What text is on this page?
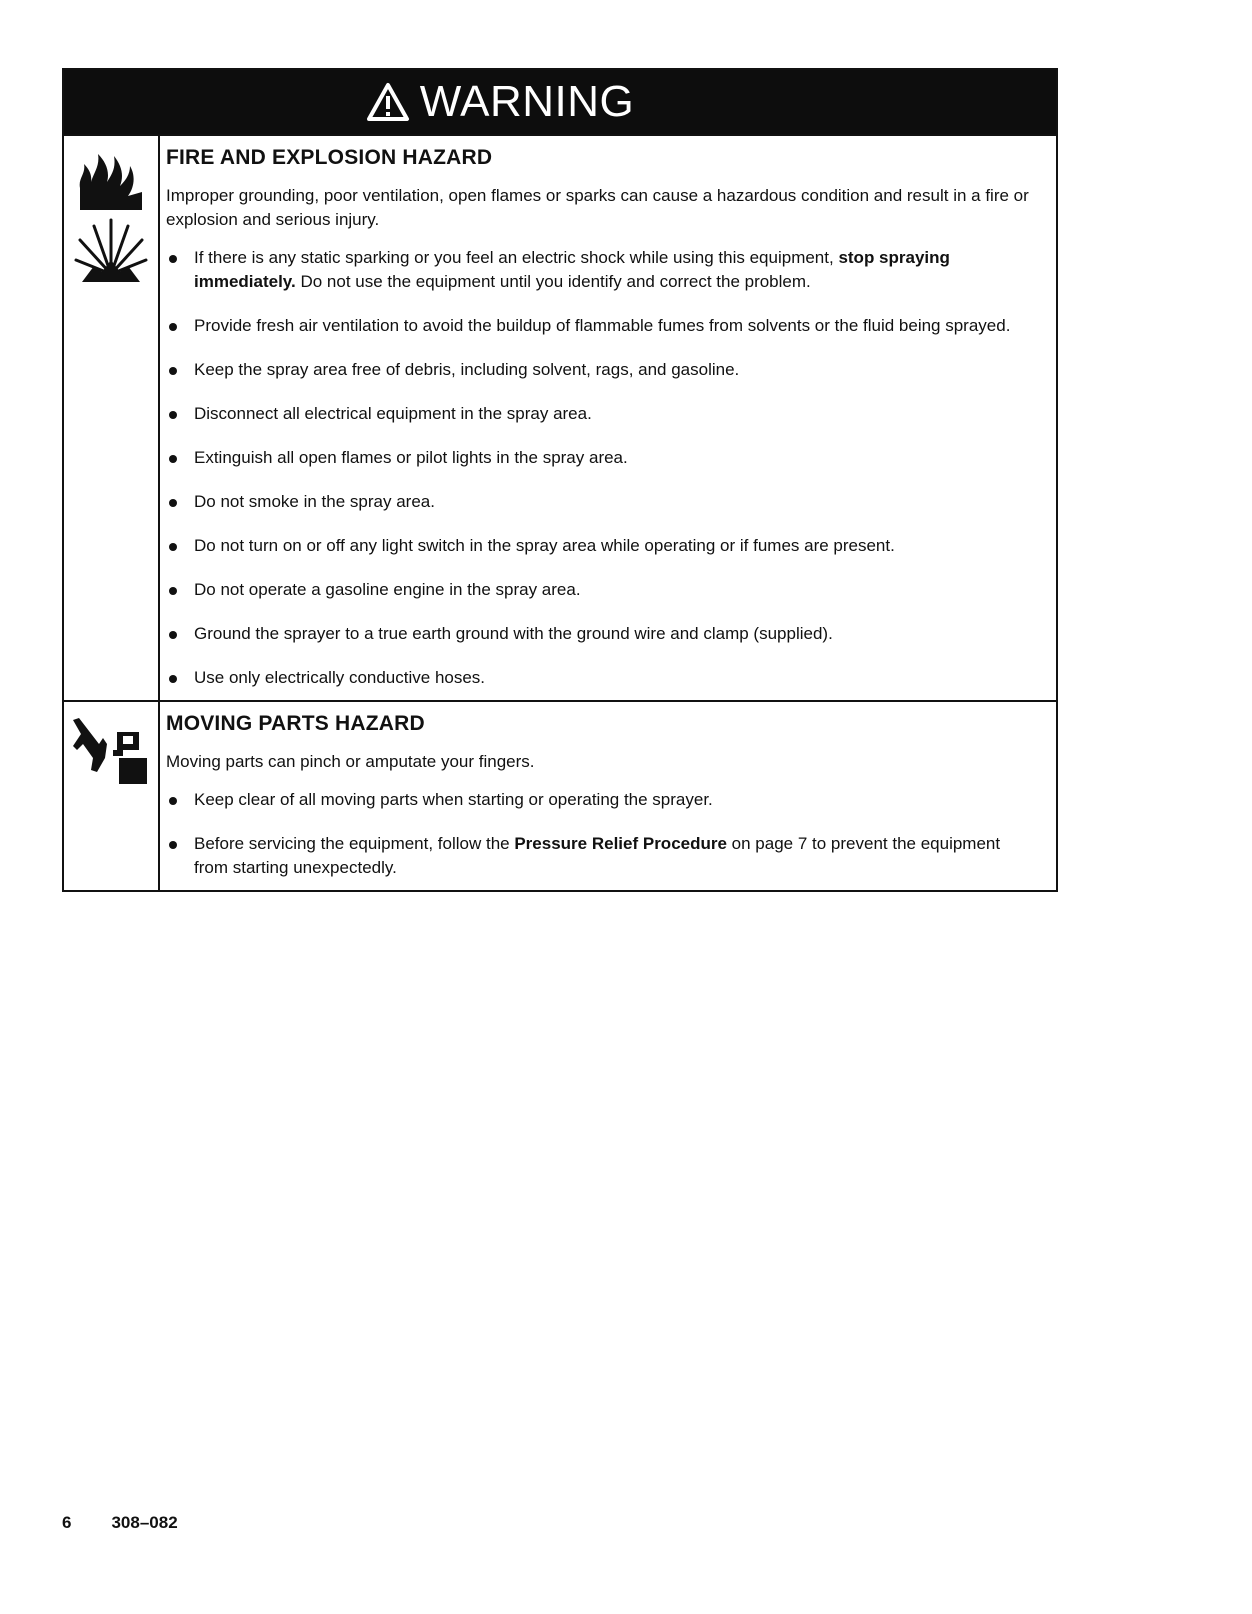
WARNING
FIRE AND EXPLOSION HAZARD

Improper grounding, poor ventilation, open flames or sparks can cause a hazardous condition and result in a fire or explosion and serious injury.

If there is any static sparking or you feel an electric shock while using this equipment, stop spraying immediately. Do not use the equipment until you identify and correct the problem.
Provide fresh air ventilation to avoid the buildup of flammable fumes from solvents or the fluid being sprayed.
Keep the spray area free of debris, including solvent, rags, and gasoline.
Disconnect all electrical equipment in the spray area.
Extinguish all open flames or pilot lights in the spray area.
Do not smoke in the spray area.
Do not turn on or off any light switch in the spray area while operating or if fumes are present.
Do not operate a gasoline engine in the spray area.
Ground the sprayer to a true earth ground with the ground wire and clamp (supplied).
Use only electrically conductive hoses.
MOVING PARTS HAZARD

Moving parts can pinch or amputate your fingers.

Keep clear of all moving parts when starting or operating the sprayer.
Before servicing the equipment, follow the Pressure Relief Procedure on page 7 to prevent the equipment from starting unexpectedly.
6 308–082
